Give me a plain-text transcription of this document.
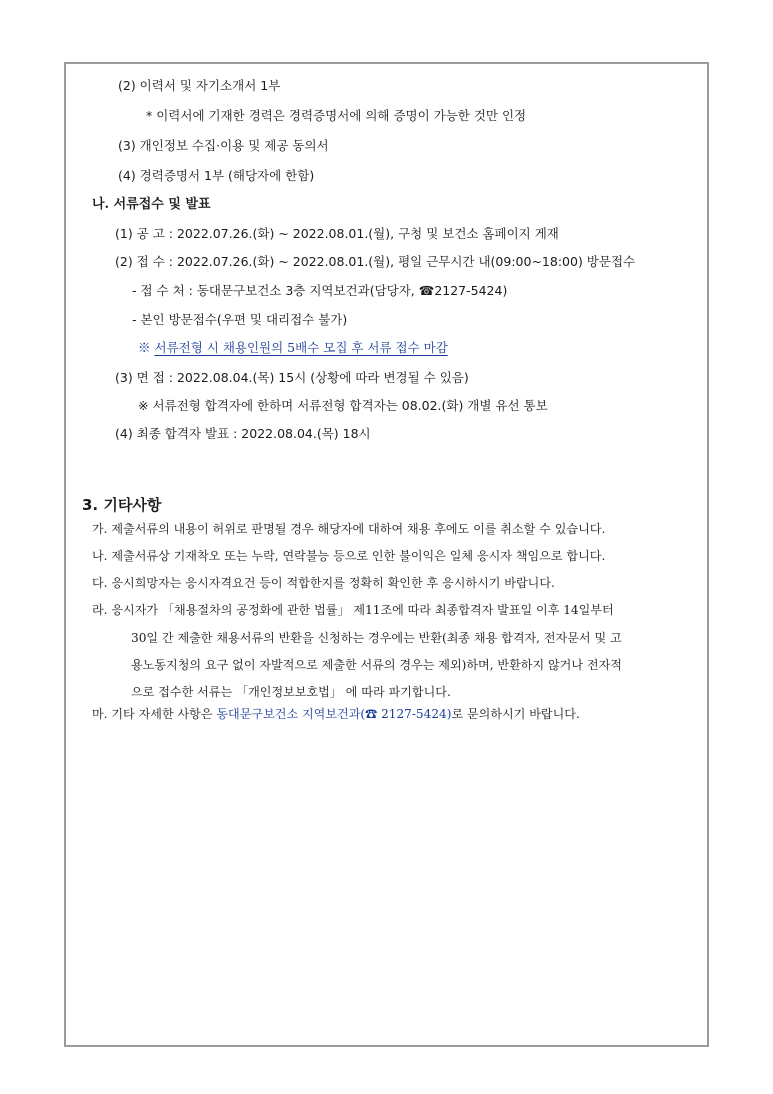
(2) 이력서 및 자기소개서 1부
* 이력서에 기재한 경력은 경력증명서에 의해 증명이 가능한 것만 인정
(3) 개인정보 수집·이용 및 제공 동의서
(4) 경력증명서 1부 (해당자에 한함)
나. 서류접수 및 발표
(1) 공 고 : 2022.07.26.(화) ~ 2022.08.01.(월), 구청 및 보건소 홈페이지 게재
(2) 접 수 : 2022.07.26.(화) ~ 2022.08.01.(월), 평일 근무시간 내(09:00~18:00) 방문접수
- 접 수 처 : 동대문구보건소 3층 지역보건과(담당자, ☎2127-5424)
- 본인 방문접수(우편 및 대리접수 불가)
※ 서류전형 시 채용인원의 5배수 모집 후 서류 접수 마감
(3) 면 접 : 2022.08.04.(목) 15시 (상황에 따라 변경될 수 있음)
※ 서류전형 합격자에 한하며 서류전형 합격자는 08.02.(화) 개별 유선 통보
(4) 최종 합격자 발표 : 2022.08.04.(목) 18시
3. 기타사항
가. 제출서류의 내용이 허위로 판명될 경우 해당자에 대하여 채용 후에도 이를 취소할 수 있습니다.
나. 제출서류상 기재착오 또는 누락, 연락불능 등으로 인한 불이익은 일체 응시자 책임으로 합니다.
다. 응시희망자는 응시자격요건 등이 적합한지를 정확히 확인한 후 응시하시기 바랍니다.
라. 응시자가 「채용절차의 공정화에 관한 법률」 제11조에 따라 최종합격자 발표일 이후 14일부터
30일 간 제출한 채용서류의 반환을 신청하는 경우에는 반환(최종 채용 합격자, 전자문서 및 고
용노동지청의 요구 없이 자발적으로 제출한 서류의 경우는 제외)하며, 반환하지 않거나 전자적
으로 접수한 서류는 「개인정보보호법」 에 따라 파기합니다.
마. 기타 자세한 사항은 동대문구보건소 지역보건과(☎ 2127-5424)로 문의하시기 바랍니다.
